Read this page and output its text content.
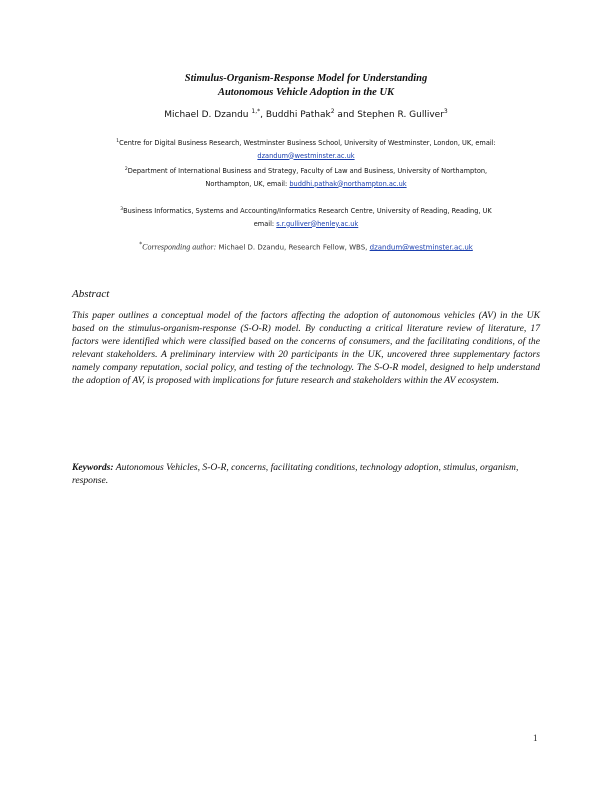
Stimulus-Organism-Response Model for Understanding
Autonomous Vehicle Adoption in the UK
Michael D. Dzandu $^{1,*}$, Buddhi Pathak$^2$ and Stephen R. Gulliver$^3$
$^1$Centre for Digital Business Research, Westminster Business School, University of Westminster, London, UK, email:
dzandum@westminster.ac.uk
$^2$Department of International Business and Strategy, Faculty of Law and Business, University of Northampton,
Northampton, UK, email: buddhi.pathak@northampton.ac.uk
$^3$Business Informatics, Systems and Accounting/Informatics Research Centre, University of Reading, Reading, UK
email: s.r.gulliver@henley.ac.uk
*Corresponding author: Michael D. Dzandu, Research Fellow, WBS, dzandum@westminster.ac.uk
Abstract
This paper outlines a conceptual model of the factors affecting the adoption of autonomous vehicles (AV) in the UK based on the stimulus-organism-response (S-O-R) model. By conducting a critical literature review of literature, 17 factors were identified which were classified based on the concerns of consumers, and the facilitating conditions, of the relevant stakeholders. A preliminary interview with 20 participants in the UK, uncovered three supplementary factors namely company reputation, social policy, and testing of the technology. The S-O-R model, designed to help understand the adoption of AV, is proposed with implications for future research and stakeholders within the AV ecosystem.
Keywords: Autonomous Vehicles, S-O-R, concerns, facilitating conditions, technology adoption, stimulus, organism, response.
1
